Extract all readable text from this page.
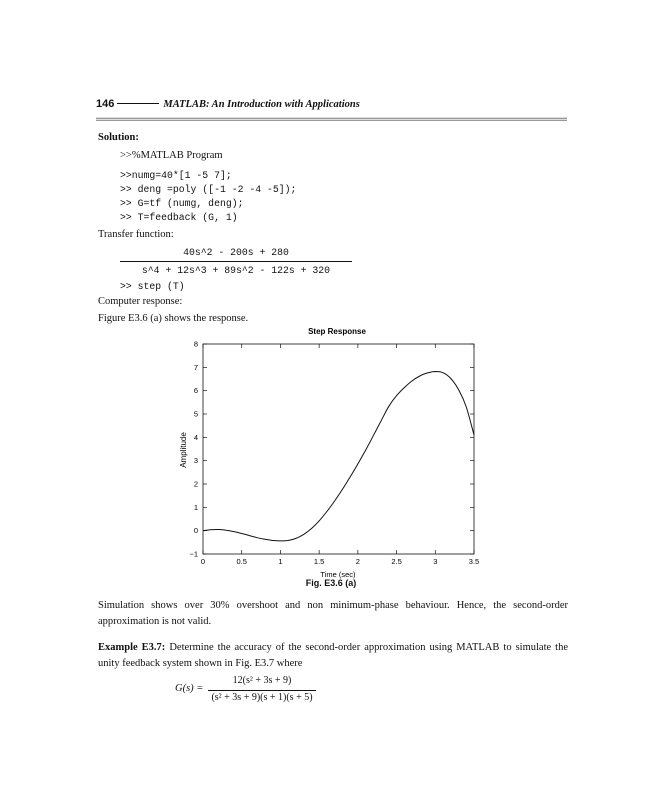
146	MATLAB: An Introduction with Applications
Solution:
>>%MATLAB Program
>>numg=40*[1 -5 7];
>> deng =poly ([-1 -2 -4 -5]);
>> G=tf (numg, deng);
>> T=feedback (G, 1)
Transfer function:
40s^2 - 200s + 280
s^4 + 12s^3 + 89s^2 - 122s + 320
>> step (T)
Computer response:
Figure E3.6 (a) shows the response.
Step Response
0	0.5	1	1.5	2	2.5	3	3.5
−1
0
1
2
3
4
5
6
7
8
Time (sec)
Amplitude
Fig. E3.6 (a)
Simulation shows over 30% overshoot and non minimum-phase behaviour. Hence, the second-order approximation is not valid.
Example E3.7: Determine the accuracy of the second-order approximation using MATLAB to simulate the unity feedback system shown in Fig. E3.7 where
G(s) =
12(s² + 3s + 9)
(s² + 3s + 9)(s + 1)(s + 5)
